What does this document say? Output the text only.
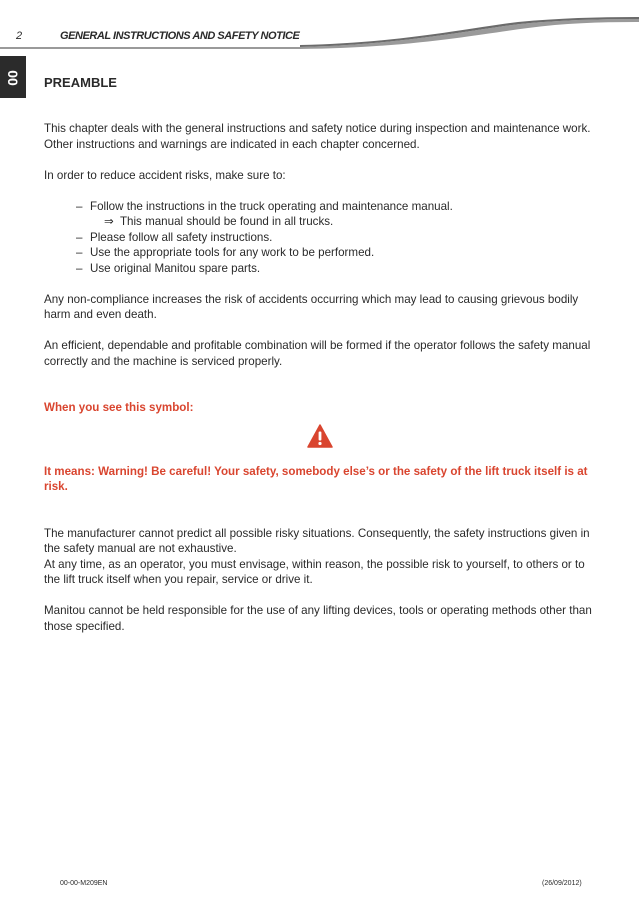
2	GENERAL INSTRUCTIONS AND SAFETY NOTICE
00 PREAMBLE

This chapter deals with the general instructions and safety notice during inspection and maintenance work.

Other instructions and warnings are indicated in each chapter concerned.

In order to reduce accident risks, make sure to:

– Follow the instructions in the truck operating and maintenance manual.
⇒ This manual should be found in all trucks.
– Please follow all safety instructions.
– Use the appropriate tools for any work to be performed.
– Use original Manitou spare parts.

Any non-compliance increases the risk of accidents occurring which may lead to causing grievous bodily harm and even death.

An efficient, dependable and profitable combination will be formed if the operator follows the safety manual correctly and the machine is serviced properly.

When you see this symbol:

It means: Warning! Be careful! Your safety, somebody else’s or the safety of the lift truck itself is at risk.

The manufacturer cannot predict all possible risky situations. Consequently, the safety instructions given in the safety manual are not exhaustive.

At any time, as an operator, you must envisage, within reason, the possible risk to yourself, to others or to the lift truck itself when you repair, service or drive it.

Manitou cannot be held responsible for the use of any lifting devices, tools or operating methods other than those specified.

00-00-M209EN	(26/09/2012)
